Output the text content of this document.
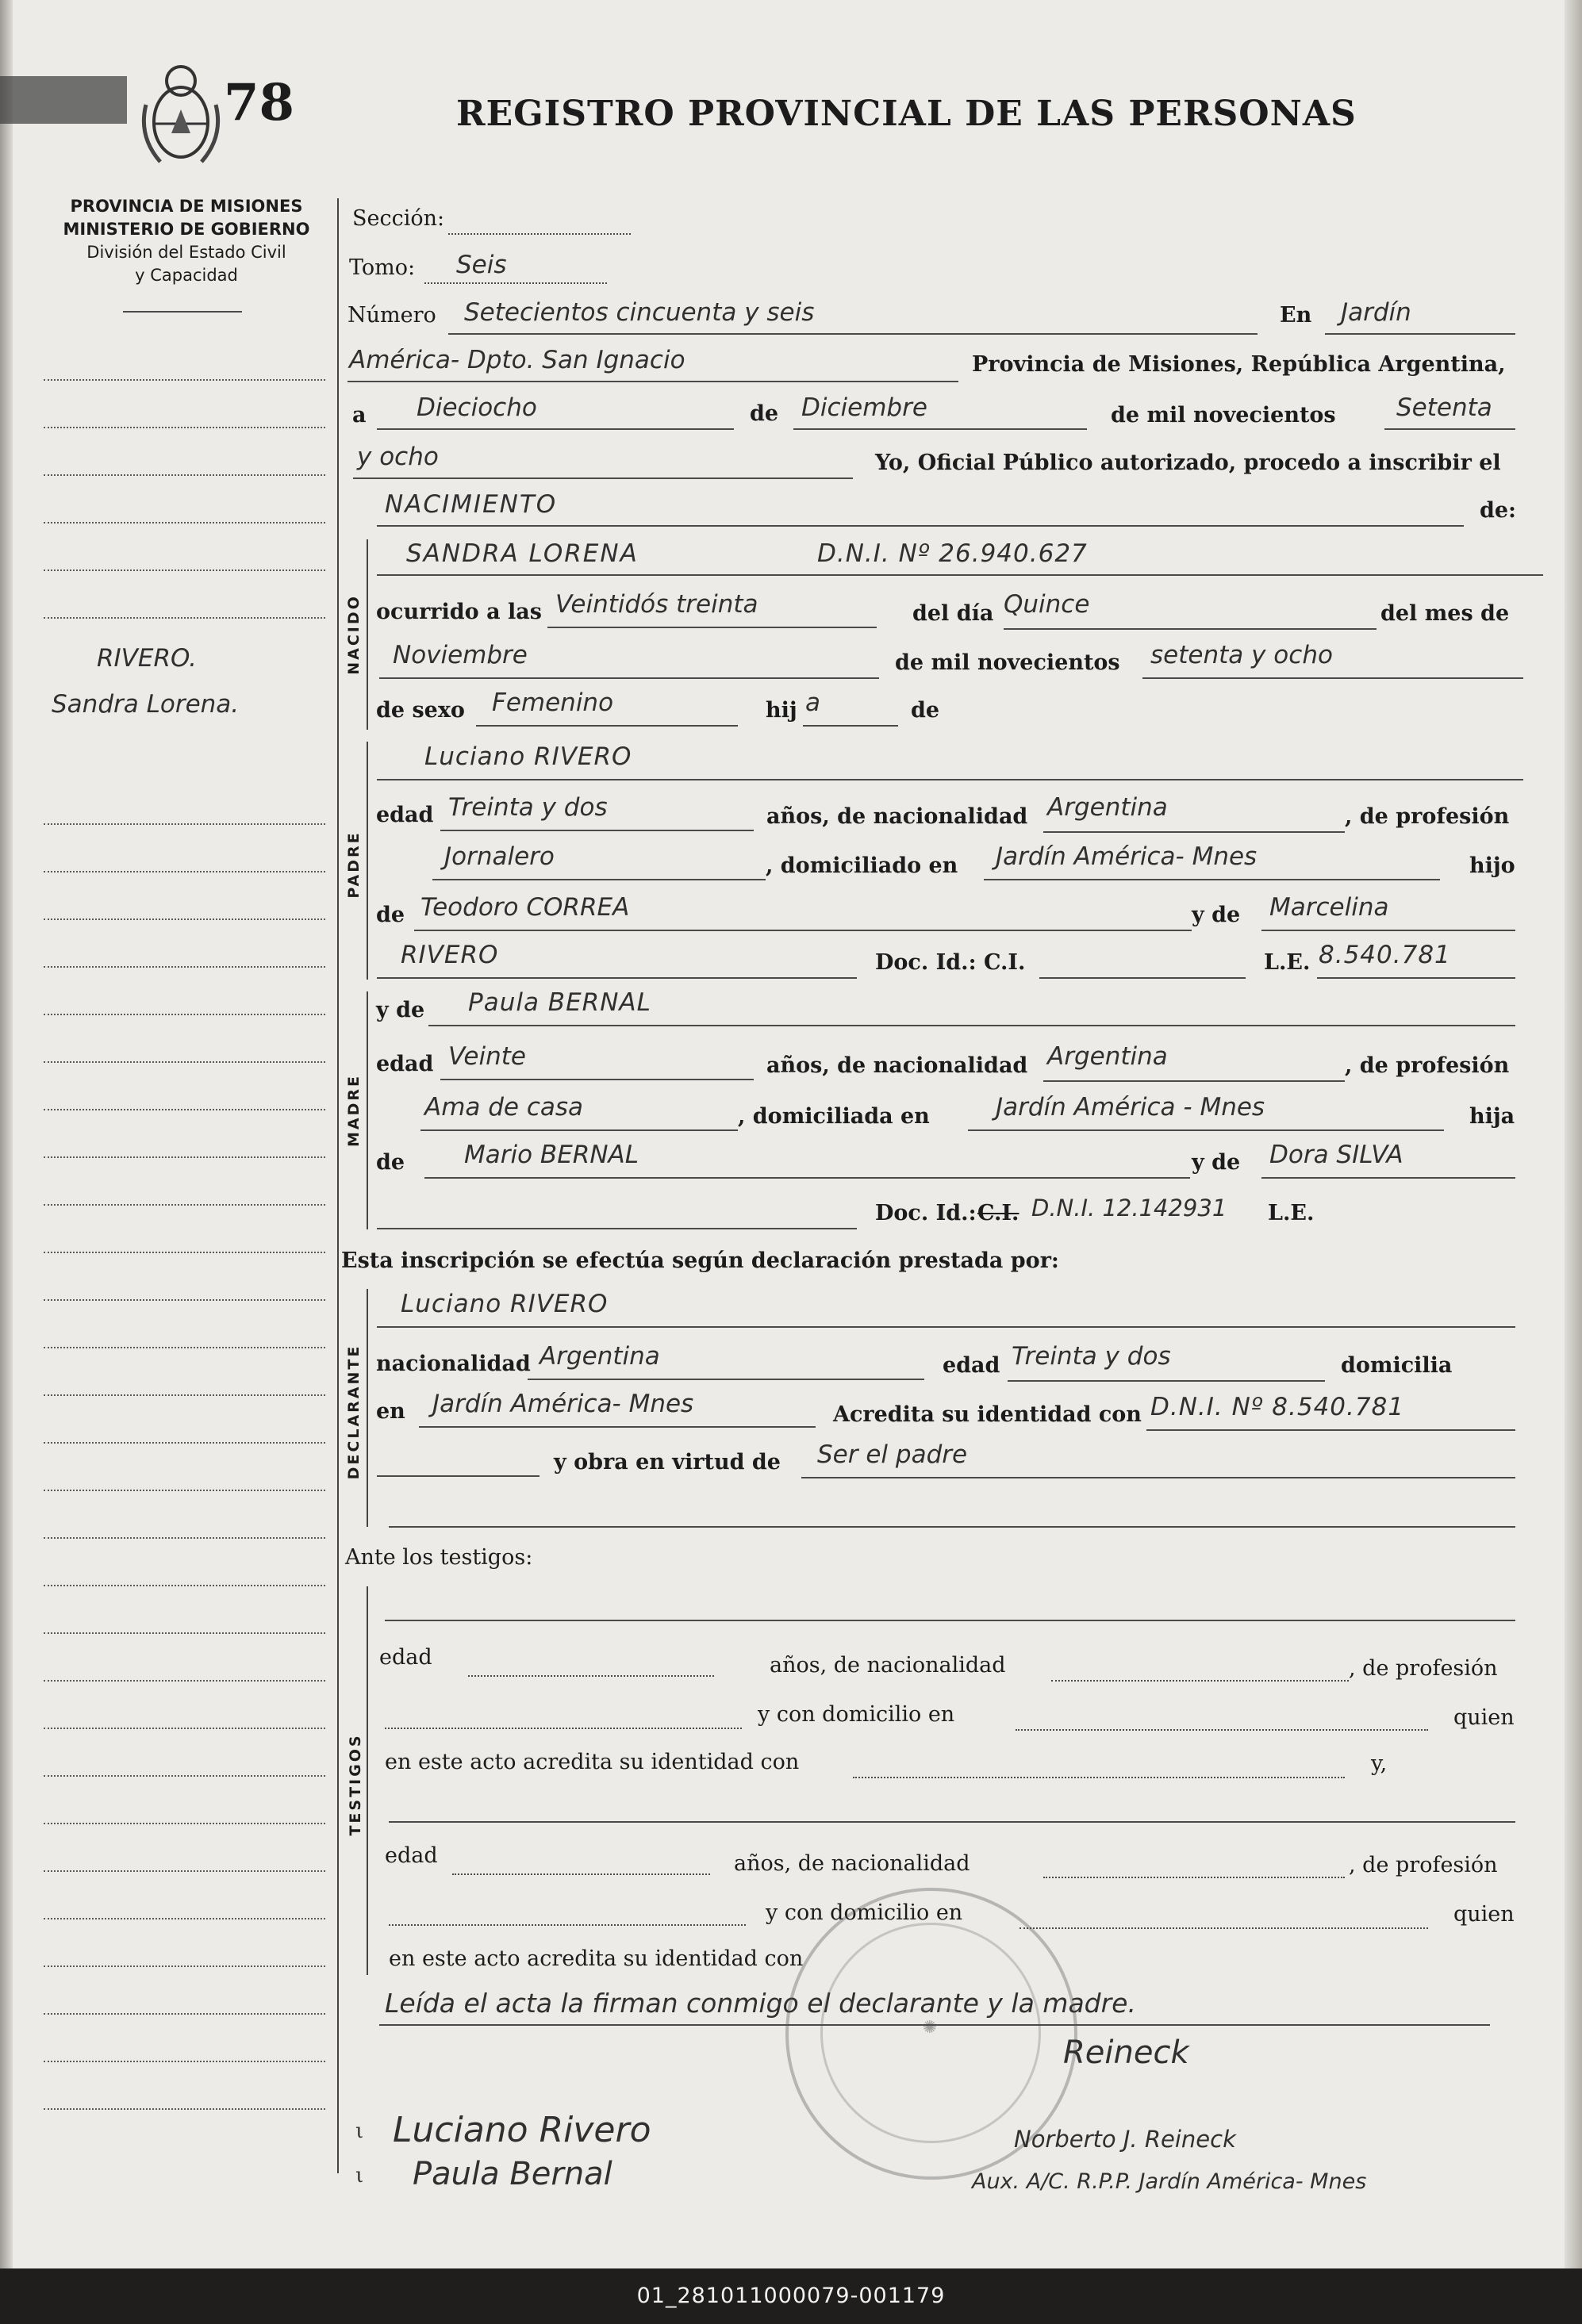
78	REGISTRO PROVINCIAL DE LAS PERSONAS
PROVINCIA DE MISIONES
MINISTERIO DE GOBIERNO
División del Estado Civil
y Capacidad
RIVERO.
Sandra Lorena.
Sección:
Tomo: Seis
Número Setecientos cincuenta y seis	En Jardín
América- Dpto. San Ignacio	Provincia de Misiones, República Argentina,
a Dieciocho	de Diciembre	de mil novecientos Setenta
y ocho	Yo, Oficial Público autorizado, procedo a inscribir el
NACIMIENTO	de:
NACIDO
SANDRA LORENA	D.N.I. Nº 26.940.627
ocurrido a las Veintidós treinta	del día Quince	del mes de
Noviembre	de mil novecientos setenta y ocho
de sexo Femenino	hij a	de
PADRE
Luciano RIVERO
edad Treinta y dos	años, de nacionalidad Argentina	, de profesión
Jornalero	, domiciliado en Jardín América- Mnes	hijo
de Teodoro CORREA	y de Marcelina
RIVERO	Doc. Id.: C.I.	L.E. 8.540.781
MADRE
y de Paula BERNAL
edad Veinte	años, de nacionalidad Argentina	, de profesión
Ama de casa	, domiciliada en	Jardín América - Mnes	hija
de Mario BERNAL	y de Dora SILVA
Doc. Id.: C.I. D.N.I. 12.142931 L.E.
Esta inscripción se efectúa según declaración prestada por:
DECLARANTE
Luciano RIVERO
nacionalidad Argentina	edad Treinta y dos	domicilia
en Jardín América- Mnes	Acredita su identidad con D.N.I. Nº 8.540.781
y obra en virtud de Ser el padre
Ante los testigos:
TESTIGOS
edad	años, de nacionalidad	, de profesión
y con domicilio en	quien
en este acto acredita su identidad con	y,
edad	años, de nacionalidad	, de profesión
y con domicilio en	quien
en este acto acredita su identidad con
Leída el acta la firman conmigo el declarante y la madre.
✺
ι Luciano Rivero
ι Paula Bernal
Reineck
Norberto J. Reineck
Aux. A/C. R.P.P. Jardín América- Mnes
01_281011000079-001179
